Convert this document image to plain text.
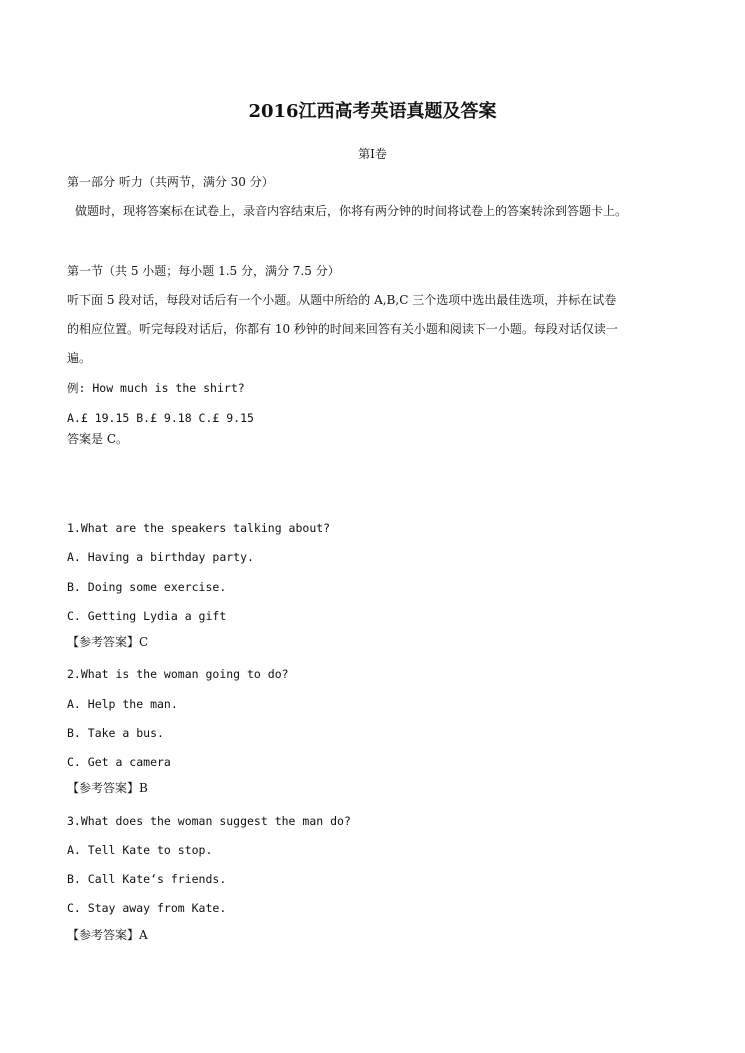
2016江西高考英语真题及答案
第Ⅰ卷
第一部分 听力（共两节，满分 30 分）
做题时，现将答案标在试卷上，录音内容结束后，你将有两分钟的时间将试卷上的答案转涂到答题卡上。
第一节（共 5 小题；每小题 1.5 分，满分 7.5 分）
听下面 5 段对话，每段对话后有一个小题。从题中所给的 A,B,C 三个选项中选出最佳选项，并标在试卷
的相应位置。听完每段对话后，你都有 10 秒钟的时间来回答有关小题和阅读下一小题。每段对话仅读一
遍。
例: How much is the shirt?
A.£ 19.15 B.£ 9.18 C.£ 9.15
答案是 C。
1.What are the speakers talking about?
A. Having a birthday party.
B. Doing some exercise.
C. Getting Lydia a gift
【参考答案】C
2.What is the woman going to do?
A. Help the man.
B. Take a bus.
C. Get a camera
【参考答案】B
3.What does the woman suggest the man do?
A. Tell Kate to stop.
B. Call Kate‘s friends.
C. Stay away from Kate.
【参考答案】A
